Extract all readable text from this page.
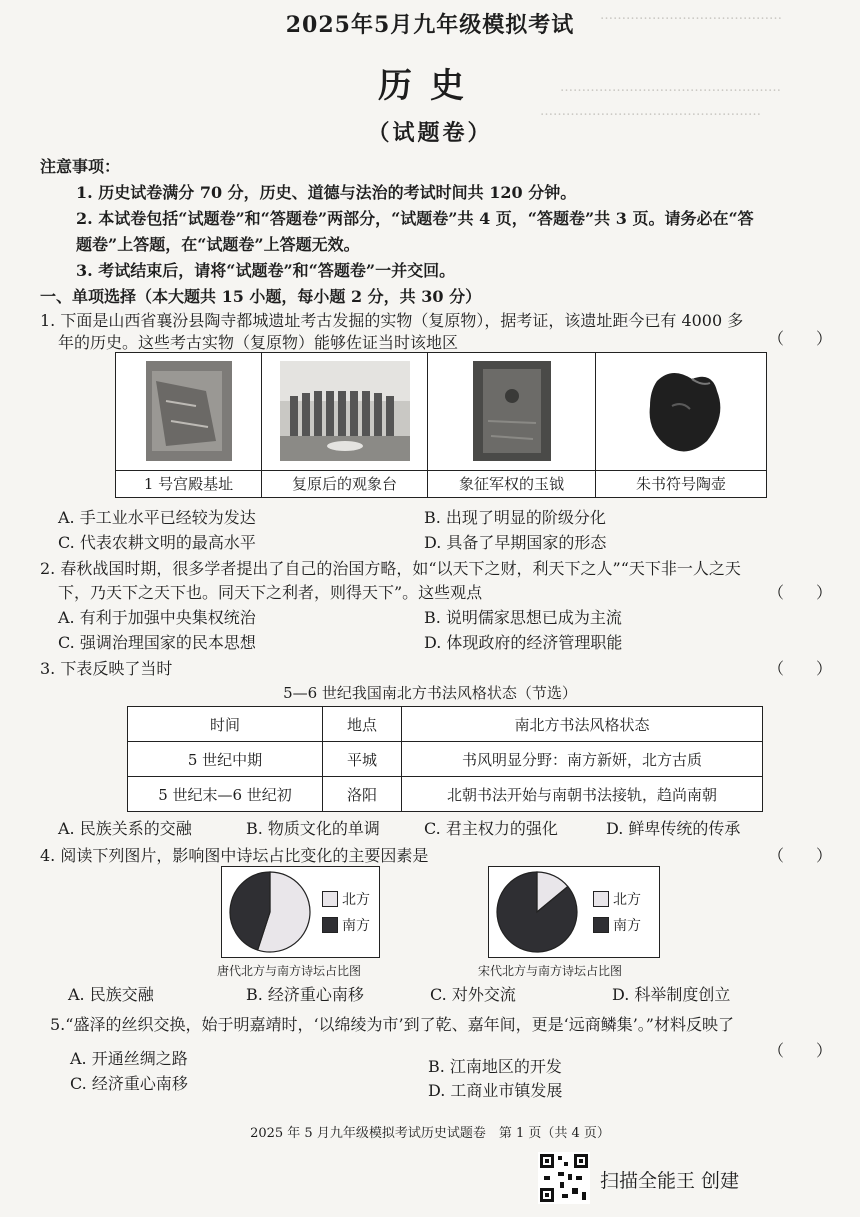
……………………………………
……………………………………………
……………………………………………
2025年5月九年级模拟考试
历史
（试题卷）
注意事项：
1. 历史试卷满分 70 分，历史、道德与法治的考试时间共 120 分钟。
2. 本试卷包括“试题卷”和“答题卷”两部分，“试题卷”共 4 页，“答题卷”共 3 页。请务必在“答
题卷”上答题，在“试题卷”上答题无效。
3. 考试结束后，请将“试题卷”和“答题卷”一并交回。
一、单项选择（本大题共 15 小题，每小题 2 分，共 30 分）
1. 下面是山西省襄汾县陶寺都城遗址考古发掘的实物（复原物），据考证，该遗址距今已有 4000 多
年的历史。这些考古实物（复原物）能够佐证当时该地区	（　　）
1 号宫殿基址	复原后的观象台	象征军权的玉钺	朱书符号陶壶
A. 手工业水平已经较为发达	B. 出现了明显的阶级分化
C. 代表农耕文明的最高水平	D. 具备了早期国家的形态
2. 春秋战国时期，很多学者提出了自己的治国方略，如“以天下之财，利天下之人”“天下非一人之天
下，乃天下之天下也。同天下之利者，则得天下”。这些观点	（　　）
A. 有利于加强中央集权统治	B. 说明儒家思想已成为主流
C. 强调治理国家的民本思想	D. 体现政府的经济管理职能
3. 下表反映了当时	（　　）
5—6 世纪我国南北方书法风格状态（节选）
时间	地点	南北方书法风格状态
5 世纪中期	平城	书风明显分野：南方新妍，北方古质
5 世纪末—6 世纪初	洛阳	北朝书法开始与南朝书法接轨，趋尚南朝
A. 民族关系的交融	B. 物质文化的单调	C. 君主权力的强化	D. 鲜卑传统的传承
4. 阅读下列图片，影响图中诗坛占比变化的主要因素是	（　　）
北方
南方
唐代北方与南方诗坛占比图
北方
南方
宋代北方与南方诗坛占比图
A. 民族交融	B. 经济重心南移	C. 对外交流	D. 科举制度创立
5.“盛泽的丝织交换，始于明嘉靖时，‘以绵绫为市’到了乾、嘉年间，更是‘远商鳞集’。”材料反映了
（　　）
A. 开通丝绸之路	B. 江南地区的开发
C. 经济重心南移	D. 工商业市镇发展
2025 年 5 月九年级模拟考试历史试题卷　第 1 页（共 4 页）
扫描全能王 创建
